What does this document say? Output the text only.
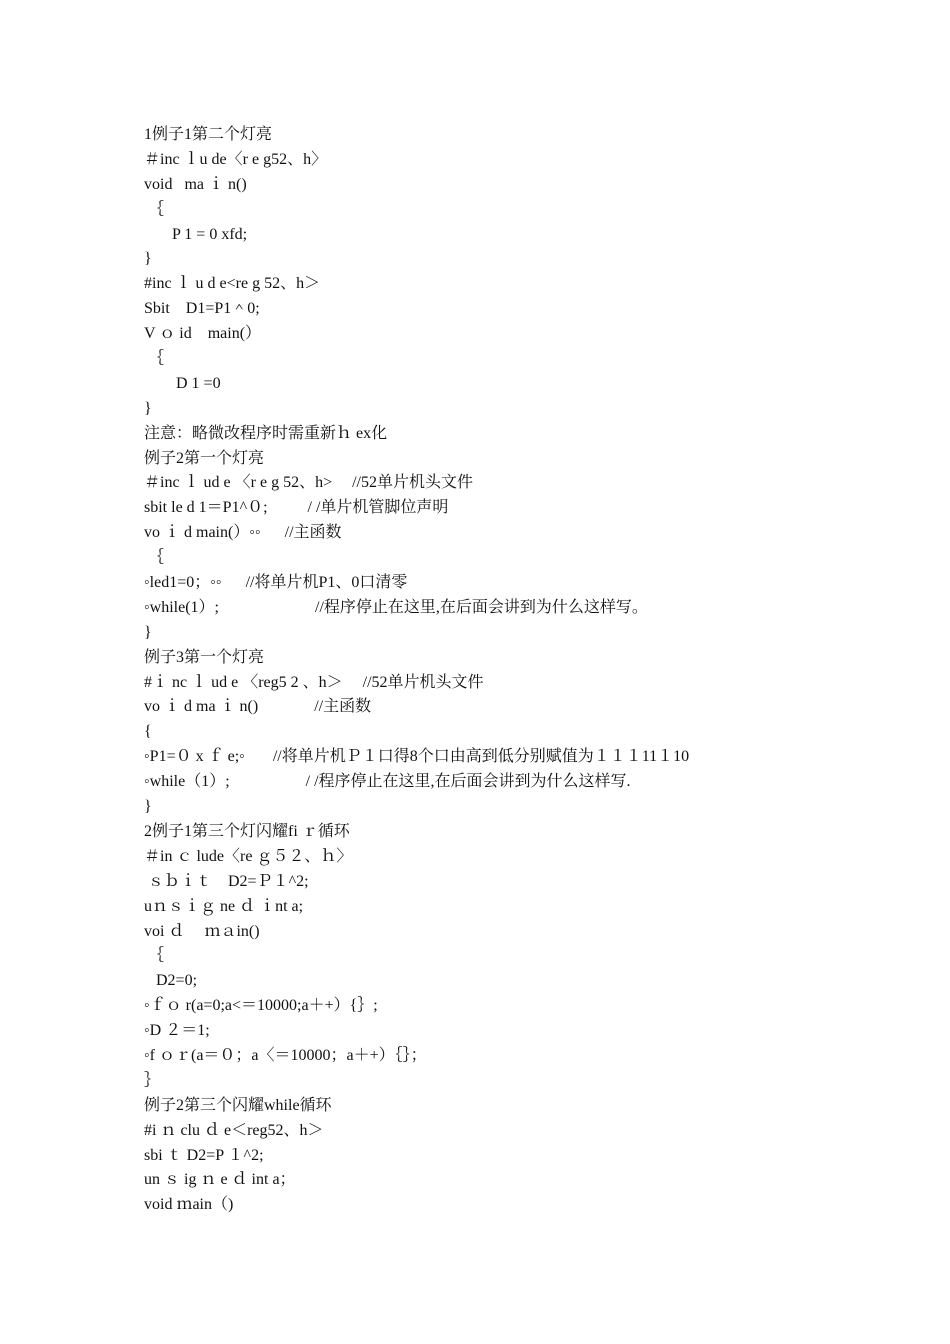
1例子1第二个灯亮
＃inc ｌu de〈r e g52、h〉
void   ma ｉ n()
｛
P 1 = 0 xfd;
}
#inc ｌ u d e<re g 52、h＞
Sbit    D1=P1＾0;
V ｏ id    main(）
｛
D 1 =0
}
注意：略微改程序时需重新ｈ ex化
例子2第一个灯亮
＃inc ｌ ud e 〈r e g 52、h>     //52单片机头文件
sbit le d 1＝P1^０;          / /单片机管脚位声明
vo ｉ d main(）◦◦      //主函数
｛
◦led1=0；◦◦      //将单片机P1、0口清零
◦while(1）;                        //程序停止在这里,在后面会讲到为什么这样写。
}
例子3第一个灯亮
#ｉ nc ｌ ud e 〈reg5 2 、h＞     //52单片机头文件
vo ｉ d ma ｉ n()              //主函数
{
◦P1=０ x ｆ e;◦       //将单片机Ｐ１口得8个口由高到低分别赋值为１１１11１10
◦while（1）;                   / /程序停止在这里,在后面会讲到为什么这样写.
}
2例子1第三个灯闪耀fi ｒ循环
＃in ｃ lude〈re ｇ５２、ｈ〉
ｓｂｉｔ    D2=Ｐ１^2;
uｎｓｉｇ ne ｄ ｉnt a;
voi ｄ     ｍａin()
｛
D2=0;
◦ｆｏ r(a=0;a<＝10000;a＋+）{｝;
◦D ２＝1;
◦f ｏｒ(a＝０；a〈＝10000；a＋+）｛｝；
｝
例子2第三个闪耀while循环
#i ｎ clu ｄ e＜reg52、h＞
sbi ｔ D2=P １^2;
un ｓ ig ｎ e ｄ int a；
void ｍain（)
